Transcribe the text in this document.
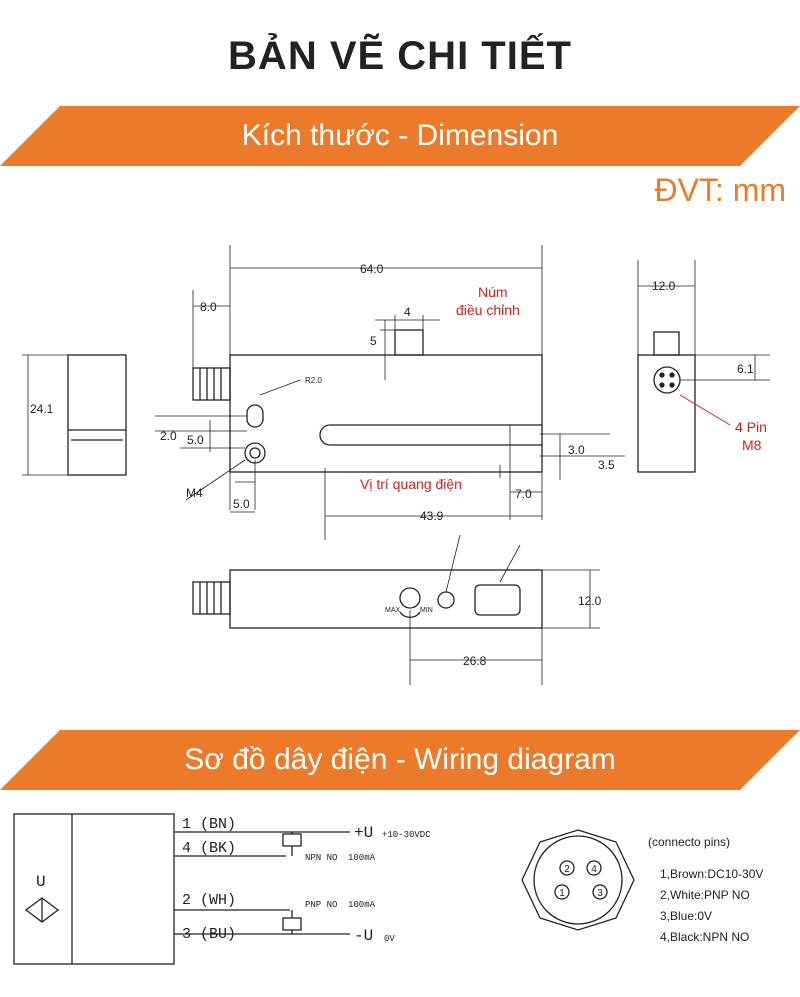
BẢN VẼ CHI TIẾT
Kích thước - Dimension
ĐVT: mm
64.0
8.0	4
5
24.1
2.0 5.0
R2.0
M4
5.0
3.0
3.5
7.0
43.9
12.0
6.1
12.0
26.8
MAX	MIN
Núm
điều chỉnh
4 Pin
M8
Vị trí quang điện
Sơ đồ dây điện - Wiring diagram
1 (BN)
4 (BK)
2 (WH)
3 (BU)
+U +10-30VDC
-U 0V
NPN NO 100mA
PNP NO 100mA
U
2 4
1	3
(connecto pins)
1,Brown:DC10-30V
2,White:PNP NO
3,Blue:0V
4,Black:NPN NO
